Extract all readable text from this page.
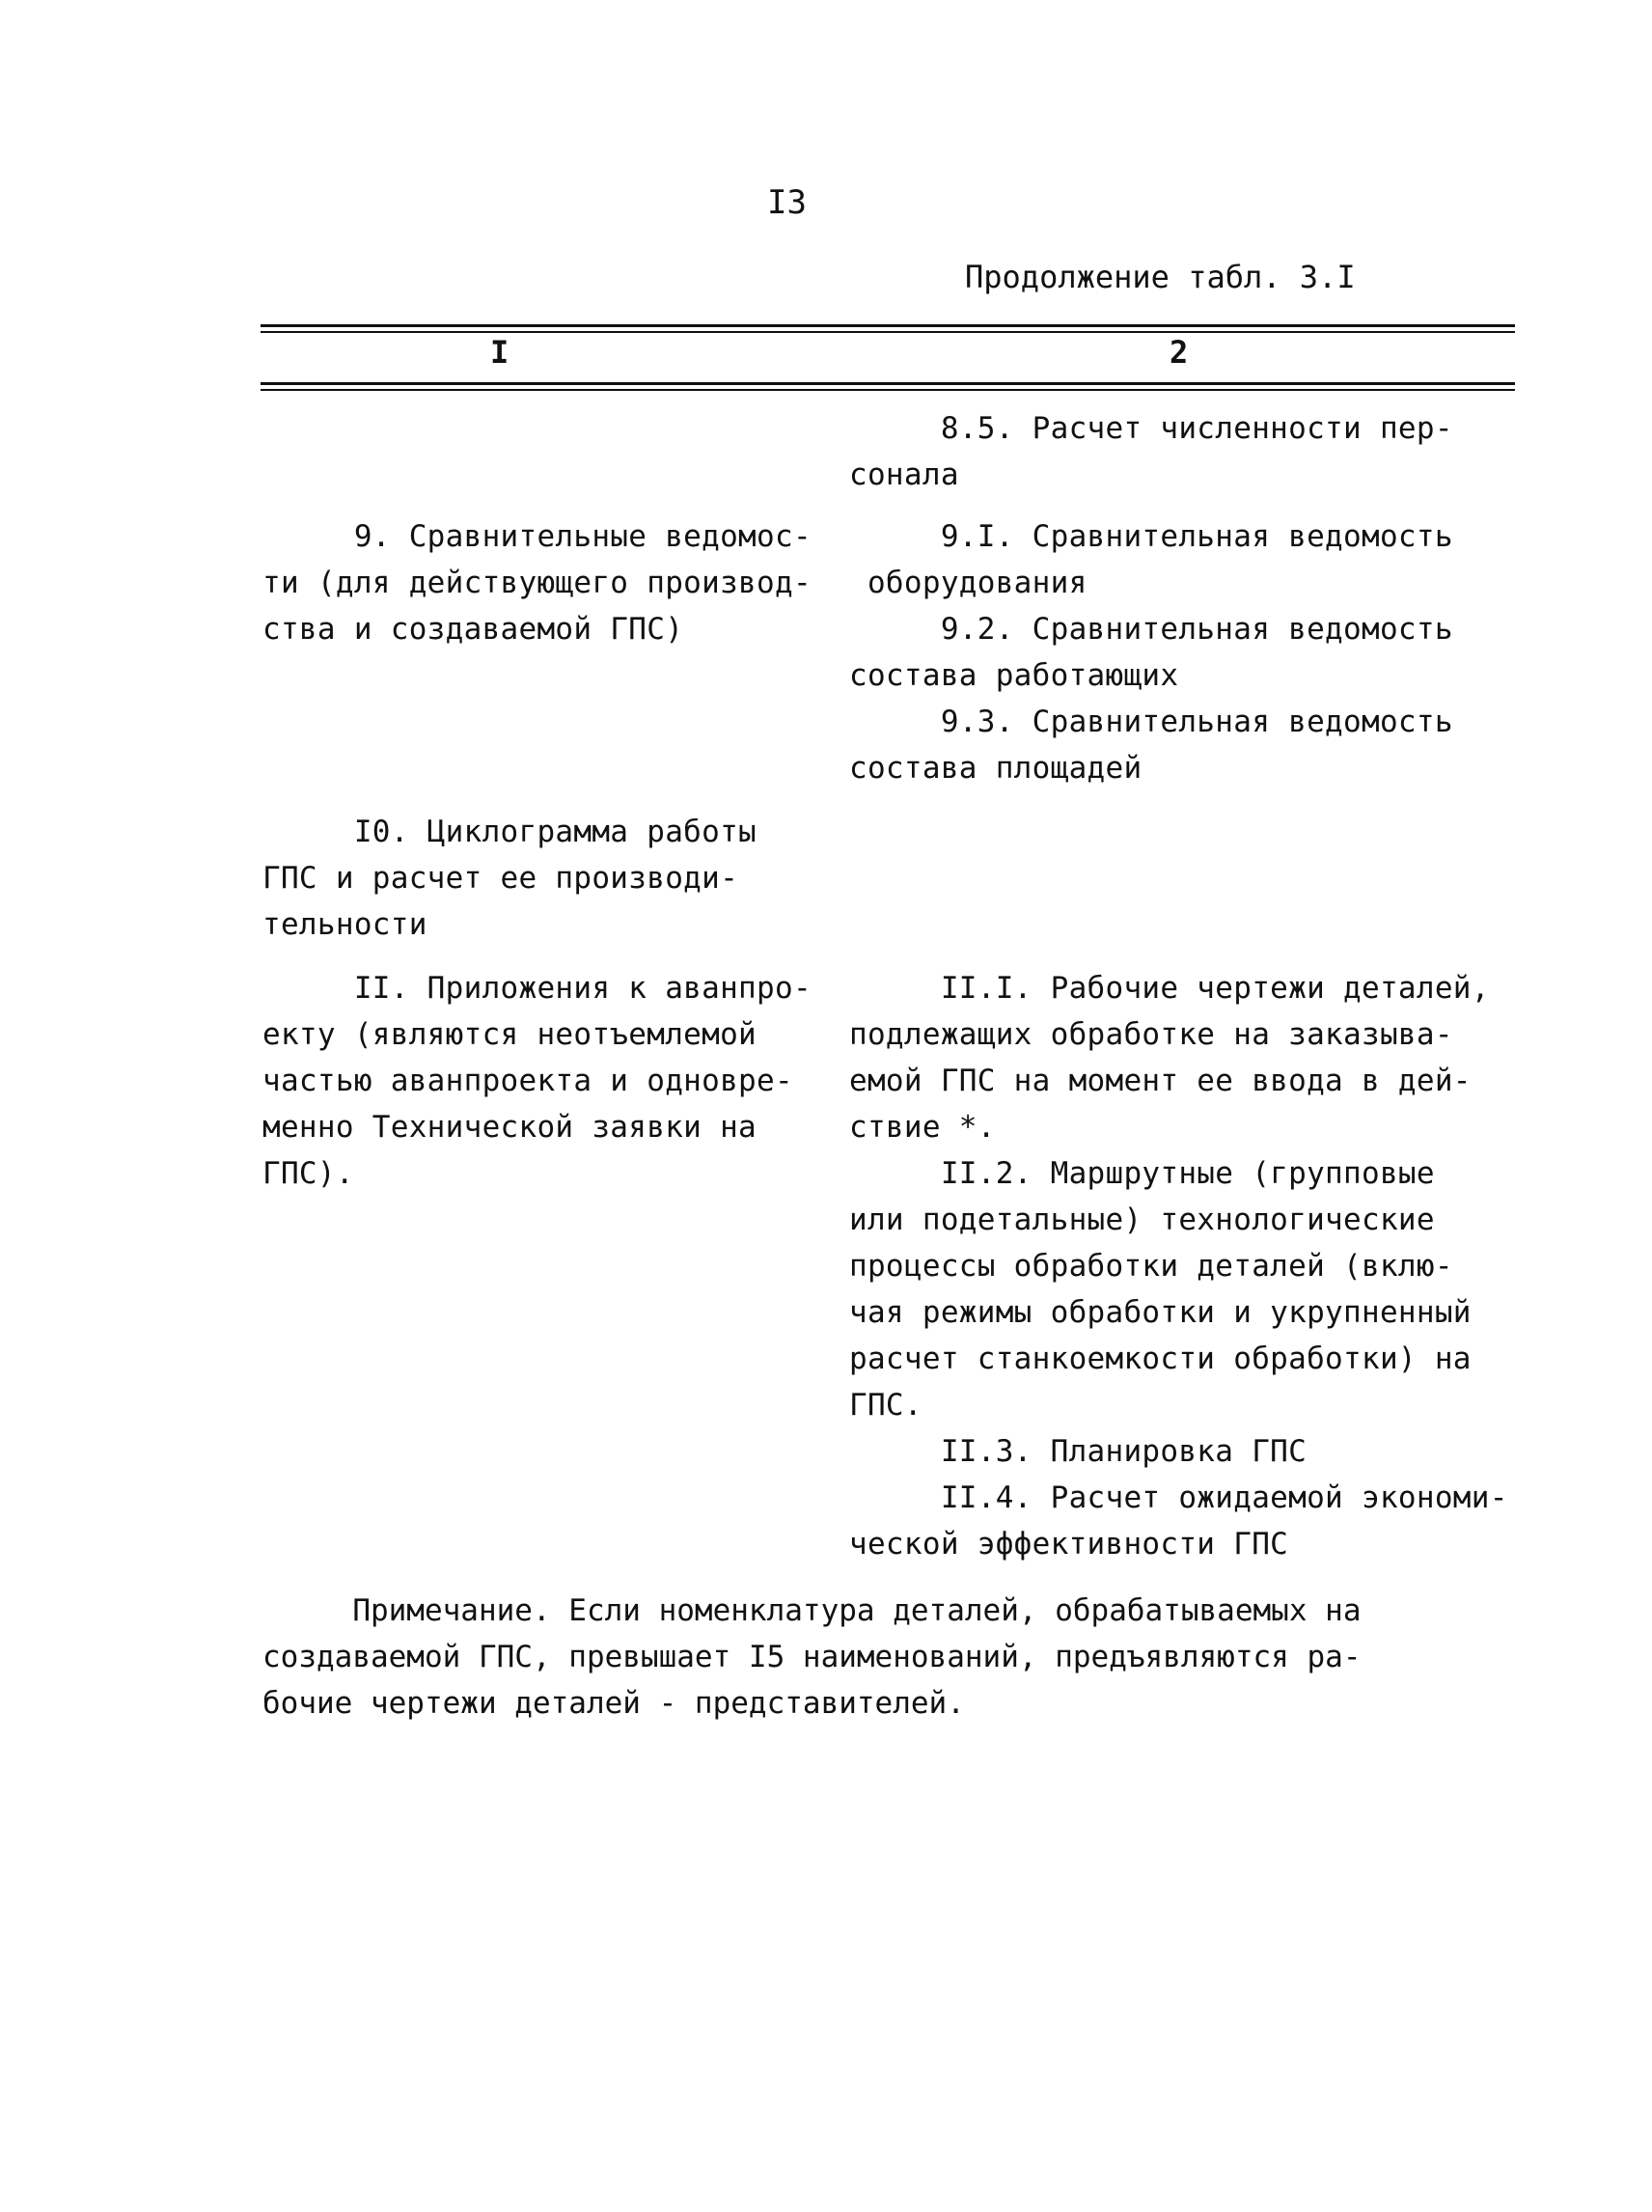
I3
Продолжение табл. 3.I
I	2
8.5. Расчет численности пер-
сонала
9. Сравнительные ведомос-
ти (для действующего производ-
ства и создаваемой ГПС)
9.I. Сравнительная ведомость
оборудования
9.2. Сравнительная ведомость
состава работающих
9.3. Сравнительная ведомость
состава площадей
I0. Циклограмма работы
ГПС и расчет ее производи-
тельности
II. Приложения к аванпро-
екту (являются неотъемлемой
частью аванпроекта и одновре-
менно Технической заявки на
ГПС).
II.I. Рабочие чертежи деталей,
подлежащих обработке на заказыва-
емой ГПС на момент ее ввода в дей-
ствие *.
II.2. Маршрутные (групповые
или подетальные) технологические
процессы обработки деталей (вклю-
чая режимы обработки и укрупненный
расчет станкоемкости обработки) на
ГПС.
II.3. Планировка ГПС
II.4. Расчет ожидаемой экономи-
ческой эффективности ГПС
Примечание. Если номенклатура деталей, обрабатываемых на
создаваемой ГПС, превышает I5 наименований, предъявляются ра-
бочие чертежи деталей - представителей.
